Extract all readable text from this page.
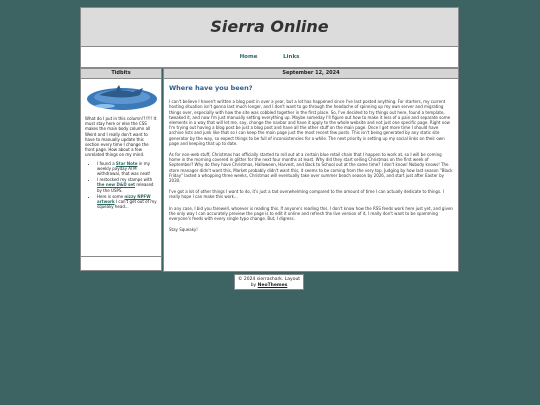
Sierra Online
Home	Links
Tidbits
What do I put in this column!?!?!! It must stay here or else the CSS makes the main body column all Weird and I really don't want to have to manually update this section every time I change the front page. How about a few unrelated things on my mind.
• I found a Star Note in my weekly payday ATM withdrawal, that was neat!
• I restocked my stamps with the new D&D set released by the USPS.
• Here is some nizzy NPFW artwork I can't get out of my squeaky head...
September 12, 2024
Where have you been?

I can't believe I haven't written a blog post in over a year, but a lot has happened since I've last posted anything. For starters, my current hosting situation isn't gonna last much longer, and I don't want to go through the headache of spinning up my own server and migrating things over, especially with how the site was cobbled together in the first place. So, I've decided to try things out here, found a template, tweaked it, and now I'm just manually setting everything up. Maybe someday I'll figure out how to make it less of a pain and separate some elements in a way that will let me, say, change the navbar and have it apply to the whole website and not just one specific page. Right now I'm trying out having a blog post be just a blog post and have all the other stuff on the main page. Once I get more time I should have archive lists and junk like that so I can keep the main page just the most recent few posts. This isn't being generated by any static site generator by the way, so expect things to be full of inconsistencies for a while. The next priority is setting up my social links on their own page and keeping that up to date.

As for non-web stuff, Christmas has officially started to roll out at a certain blue retail chain that I happen to work at, so I will be coming home in the morning covered in glitter for the next four months at least. Why did they start selling Christmas on the first week of September? Why do they have Christmas, Halloween, Harvest, and Back to School out at the same time? I don't know! Nobody knows! The store manager didn't want this, Market probably didn't want this, it seems to be coming from the very top. Judging by how last season "Black Friday" lasted a whopping three weeks, Christmas will eventually take over summer beach season by 2026, and start just after Easter by 2030.

I've got a lot of other things I want to do, it's just a tad overwhelming compared to the amount of time I can actually dedicate to things. I really hope I can make this work...

In any case, I bid you farewell, whoever is reading this. If anyone's reading this. I don't know how the RSS feeds work here just yet, and given the only way I can accurately preview the page is to edit it online and refresh the live version of it, I really don't want to be spamming everyone's feeds with every single typo change. But, I digress.

Stay Squeaky!

© 2024 sierrashark. Layout
by NeoThemes
